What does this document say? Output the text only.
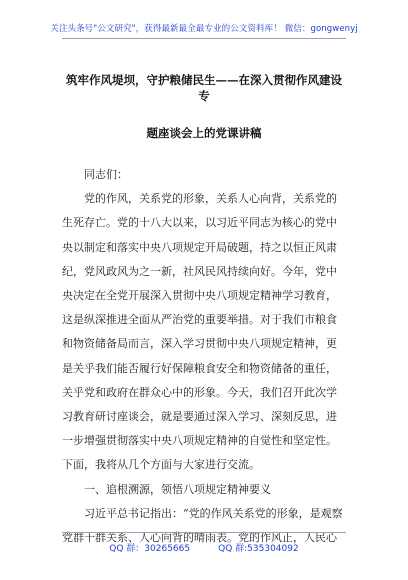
关注头条号"公文研究"，获得最新最全最专业的公文资料库！ 微信：gongwenyj
筑牢作风堤坝，守护粮储民生——在深入贯彻作风建设专
题座谈会上的党课讲稿

同志们：

党的作风，关系党的形象，关系人心向背，关系党的生死存亡。党的十八大以来，以习近平同志为核心的党中央以制定和落实中央八项规定开局破题，持之以恒正风肃纪，党风政风为之一新，社风民风持续向好。今年，党中央决定在全党开展深入贯彻中央八项规定精神学习教育，这是纵深推进全面从严治党的重要举措。对于我们市粮食和物资储备局而言，深入学习贯彻中央八项规定精神，更是关乎我们能否履行好保障粮食安全和物资储备的重任，关乎党和政府在群众心中的形象。今天，我们召开此次学习教育研讨座谈会，就是要通过深入学习、深刻反思，进一步增强贯彻落实中央八项规定精神的自觉性和坚定性。下面，我将从几个方面与大家进行交流。

一、追根溯源，领悟八项规定精神要义

习近平总书记指出：“党的作风关系党的形象，是观察党群干群关系、人心向背的晴雨表。党的作风正，人民心

QQ 群：30265665	QQ 群:535304092
